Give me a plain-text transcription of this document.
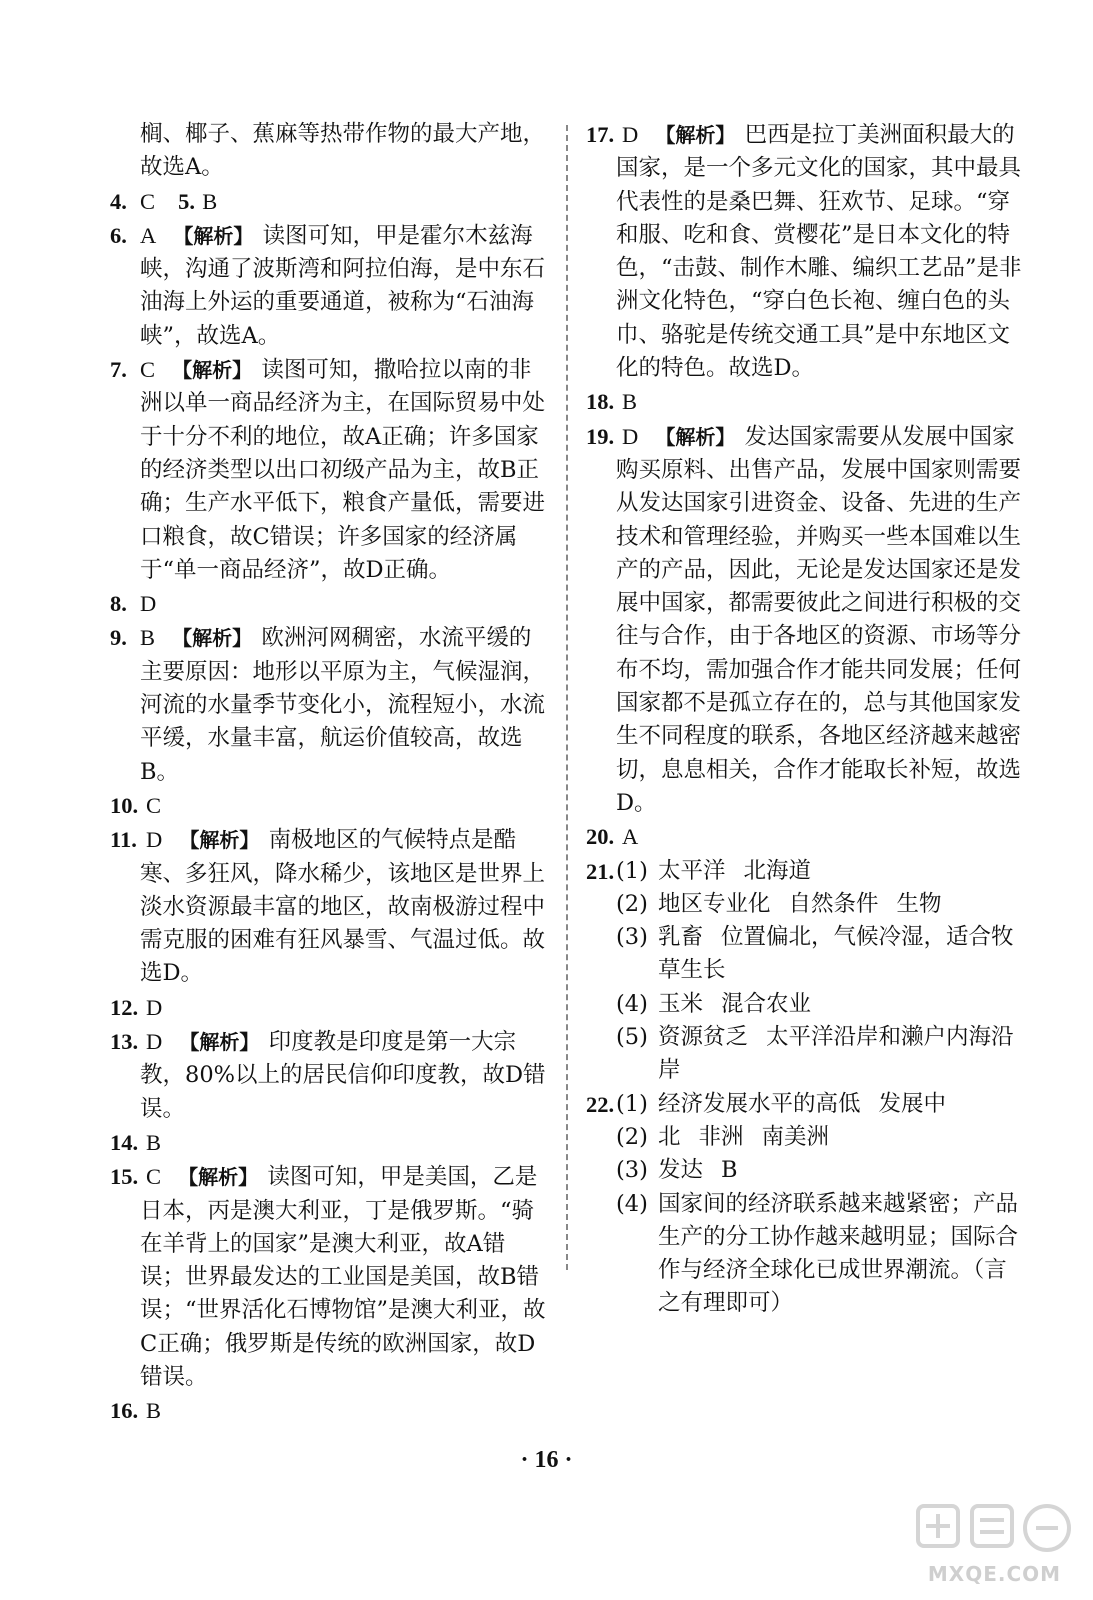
榈、椰子、蕉麻等热带作物的最大产地，故选A。

4. C 5. B

6. A 【解析】 读图可知，甲是霍尔木兹海峡，沟通了波斯湾和阿拉伯海，是中东石油海上外运的重要通道，被称为“石油海峡”，故选A。

7. C 【解析】 读图可知，撒哈拉以南的非洲以单一商品经济为主，在国际贸易中处于十分不利的地位，故A正确；许多国家的经济类型以出口初级产品为主，故B正确；生产水平低下，粮食产量低，需要进口粮食，故C错误；许多国家的经济属于“单一商品经济”，故D正确。

8. D

9. B 【解析】 欧洲河网稠密，水流平缓的主要原因：地形以平原为主，气候湿润，河流的水量季节变化小，流程短小，水流平缓，水量丰富，航运价值较高，故选B。

10. C

11. D 【解析】 南极地区的气候特点是酷寒、多狂风，降水稀少，该地区是世界上淡水资源最丰富的地区，故南极游过程中需克服的困难有狂风暴雪、气温过低。故选D。

12. D

13. D 【解析】 印度教是印度是第一大宗教，80%以上的居民信仰印度教，故D错误。

14. B

15. C 【解析】 读图可知，甲是美国，乙是日本，丙是澳大利亚，丁是俄罗斯。“骑在羊背上的国家”是澳大利亚，故A错误；世界最发达的工业国是美国，故B错误；“世界活化石博物馆”是澳大利亚，故C正确；俄罗斯是传统的欧洲国家，故D错误。

16. B

17. D 【解析】 巴西是拉丁美洲面积最大的国家，是一个多元文化的国家，其中最具代表性的是桑巴舞、狂欢节、足球。“穿和服、吃和食、赏樱花”是日本文化的特色，“击鼓、制作木雕、编织工艺品”是非洲文化特色，“穿白色长袍、缠白色的头巾、骆驼是传统交通工具”是中东地区文化的特色。故选D。

18. B

19. D 【解析】 发达国家需要从发展中国家购买原料、出售产品，发展中国家则需要从发达国家引进资金、设备、先进的生产技术和管理经验，并购买一些本国难以生产的产品，因此，无论是发达国家还是发展中国家，都需要彼此之间进行积极的交往与合作，由于各地区的资源、市场等分布不均，需加强合作才能共同发展；任何国家都不是孤立存在的，总与其他国家发生不同程度的联系，各地区经济越来越密切，息息相关，合作才能取长补短，故选D。

20. A

21. (1) 太平洋 北海道
(2) 地区专业化 自然条件 生物
(3) 乳畜 位置偏北，气候冷湿，适合牧草生长
(4) 玉米 混合农业
(5) 资源贫乏 太平洋沿岸和濑户内海沿岸
22. (1) 经济发展水平的高低 发展中
(2) 北 非洲 南美洲
(3) 发达 B
(4) 国家间的经济联系越来越紧密；产品生产的分工协作越来越明显；国际合作与经济全球化已成世界潮流。（言之有理即可）
· 16 ·
MXQE.COM
